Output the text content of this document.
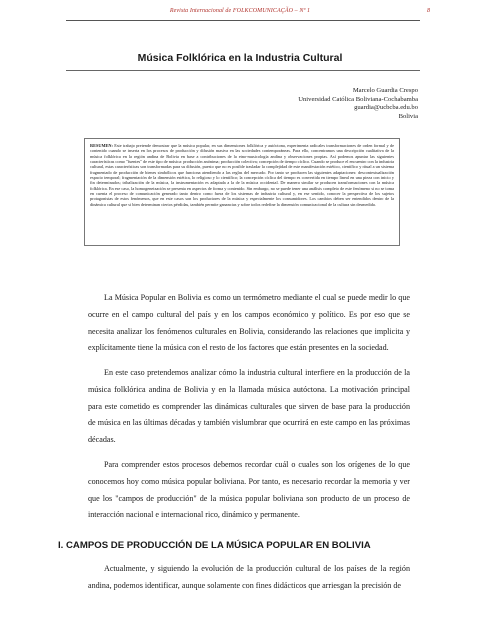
Revista Internacional de FOLKCOMUNICAÇÃO – Nº 1	8
Música Folklórica en la Industria Cultural
Marcelo Guardia Crespo
Universidad Católica Boliviana-Cochabamba
guardia@ucbcba.edu.bo
Bolivia
RESUMEN: Este trabajo pretende demostrar que la música popular, en sus dimensiones folklórica y autóctona, experimenta radicales transformaciones de orden formal y de contenido cuando se inserta en los procesos de producción y difusión masiva en las sociedades contemporáneas. Para ello, concentramos una descripción cualitativa de la música folklórica en la región andina de Bolivia en base a contribuciones de la etno-musicología andina y observaciones propias. Así podemos apuntar las siguientes características como "fuentes" de este tipo de música: producción anónima; producción colectiva; concepción de tiempo cíclico. Cuando se produce el encuentro con la industria cultural, estas características son transformadas para su difusión, puesto que no es posible trasladar la complejidad de este manifestación estético, científico y ritual a un sistema fragmentado de producción de bienes simbólicos que funciona atendiendo a las reglas del mercado. Por tanto se producen las siguientes adaptaciones: descontextualización espacio temporal; fragmentación de la dimensión estética, lo religioso y lo científico; la concepción cíclica del tiempo es convertida en tiempo lineal en una pieza con inicio y fin determinados; tribalización de la música, la instrumentación es adaptada a la de la música occidental. De manera similar se producen transformaciones con la música folklórica. En ese caso, la homogeneización se presenta en aspectos de forma y contenido. Sin embargo, no se puede tener una análisis completo de este fenómeno si no se toma en cuenta el proceso de comunicación generado tanto dentro como fuera de los sistemas de industria cultural y, en ese sentido, conocer la perspectiva de los sujetos protagonistas de estos fenómenos, que en este casos son los productores de la música y especialmente los consumidores. Los cambios deben ser entendidos dentro de la dinámica cultural que si bien determinan ciertos pérdidas, también permite ganancias y sobre todos redefine la dimensión comunicacional de la cultura sin desmedida.

La Música Popular en Bolivia es como un termómetro mediante el cual se puede medir lo que ocurre en el campo cultural del país y en los campos económico y político. Es por eso que se necesita analizar los fenómenos culturales en Bolivia, considerando las relaciones que implicita y explícitamente tiene la música con el resto de los factores que están presentes en la sociedad.

En este caso pretendemos analizar cómo la industria cultural interfiere en la producción de la música folklórica andina de Bolivia y en la llamada música autóctona. La motivación principal para este cometido es comprender las dinámicas culturales que sirven de base para la producción de música en las últimas décadas y también vislumbrar que ocurrirá en este campo en las próximas décadas.

Para comprender estos procesos debemos recordar cuál o cuales son los orígenes de lo que conocemos hoy como música popular boliviana. Por tanto, es necesario recordar la memoria y ver que los "campos de producción" de la música popular boliviana son producto de un proceso de interacción nacional e internacional rico, dinámico y permanente.

I. CAMPOS DE PRODUCCIÓN DE LA MÚSICA POPULAR EN BOLIVIA

Actualmente, y siguiendo la evolución de la producción cultural de los países de la región andina, podemos identificar, aunque solamente con fines didácticos que arriesgan la precisión de
